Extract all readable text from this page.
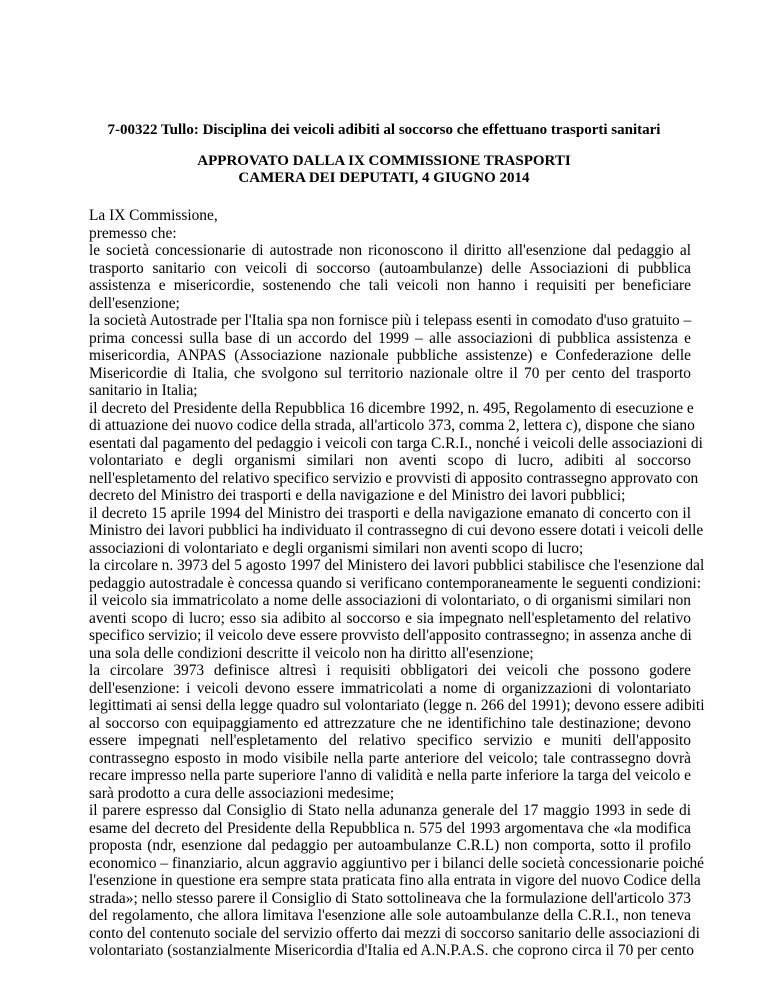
7-00322 Tullo: Disciplina dei veicoli adibiti al soccorso che effettuano trasporti sanitari
APPROVATO DALLA IX COMMISSIONE TRASPORTI
CAMERA DEI DEPUTATI, 4 GIUGNO 2014
La IX Commissione,
premesso che:
le società concessionarie di autostrade non riconoscono il diritto all'esenzione dal pedaggio al
trasporto sanitario con veicoli di soccorso (autoambulanze) delle Associazioni di pubblica
assistenza e misericordie, sostenendo che tali veicoli non hanno i requisiti per beneficiare
dell'esenzione;
la società Autostrade per l'Italia spa non fornisce più i telepass esenti in comodato d'uso gratuito –
prima concessi sulla base di un accordo del 1999 – alle associazioni di pubblica assistenza e
misericordia, ANPAS (Associazione nazionale pubbliche assistenze) e Confederazione delle
Misericordie di Italia, che svolgono sul territorio nazionale oltre il 70 per cento del trasporto
sanitario in Italia;
il decreto del Presidente della Repubblica 16 dicembre 1992, n. 495, Regolamento di esecuzione e
di attuazione dei nuovo codice della strada, all'articolo 373, comma 2, lettera c), dispone che siano
esentati dal pagamento del pedaggio i veicoli con targa C.R.I., nonché i veicoli delle associazioni di
volontariato e degli organismi similari non aventi scopo di lucro, adibiti al soccorso
nell'espletamento del relativo specifico servizio e provvisti di apposito contrassegno approvato con
decreto del Ministro dei trasporti e della navigazione e del Ministro dei lavori pubblici;
il decreto 15 aprile 1994 del Ministro dei trasporti e della navigazione emanato di concerto con il
Ministro dei lavori pubblici ha individuato il contrassegno di cui devono essere dotati i veicoli delle
associazioni di volontariato e degli organismi similari non aventi scopo di lucro;
la circolare n. 3973 del 5 agosto 1997 del Ministero dei lavori pubblici stabilisce che l'esenzione dal
pedaggio autostradale è concessa quando si verificano contemporaneamente le seguenti condizioni:
il veicolo sia immatricolato a nome delle associazioni di volontariato, o di organismi similari non
aventi scopo di lucro; esso sia adibito al soccorso e sia impegnato nell'espletamento del relativo
specifico servizio; il veicolo deve essere provvisto dell'apposito contrassegno; in assenza anche di
una sola delle condizioni descritte il veicolo non ha diritto all'esenzione;
la circolare 3973 definisce altresì i requisiti obbligatori dei veicoli che possono godere
dell'esenzione: i veicoli devono essere immatricolati a nome di organizzazioni di volontariato
legittimati ai sensi della legge quadro sul volontariato (legge n. 266 del 1991); devono essere adibiti
al soccorso con equipaggiamento ed attrezzature che ne identifichino tale destinazione; devono
essere impegnati nell'espletamento del relativo specifico servizio e muniti dell'apposito
contrassegno esposto in modo visibile nella parte anteriore del veicolo; tale contrassegno dovrà
recare impresso nella parte superiore l'anno di validità e nella parte inferiore la targa del veicolo e
sarà prodotto a cura delle associazioni medesime;
il parere espresso dal Consiglio di Stato nella adunanza generale del 17 maggio 1993 in sede di
esame del decreto del Presidente della Repubblica n. 575 del 1993 argomentava che «la modifica
proposta (ndr, esenzione dal pedaggio per autoambulanze C.R.L) non comporta, sotto il profilo
economico – finanziario, alcun aggravio aggiuntivo per i bilanci delle società concessionarie poiché
l'esenzione in questione era sempre stata praticata fino alla entrata in vigore del nuovo Codice della
strada»; nello stesso parere il Consiglio di Stato sottolineava che la formulazione dell'articolo 373
del regolamento, che allora limitava l'esenzione alle sole autoambulanze della C.R.I., non teneva
conto del contenuto sociale del servizio offerto dai mezzi di soccorso sanitario delle associazioni di
volontariato (sostanzialmente Misericordia d'Italia ed A.N.P.A.S. che coprono circa il 70 per cento
